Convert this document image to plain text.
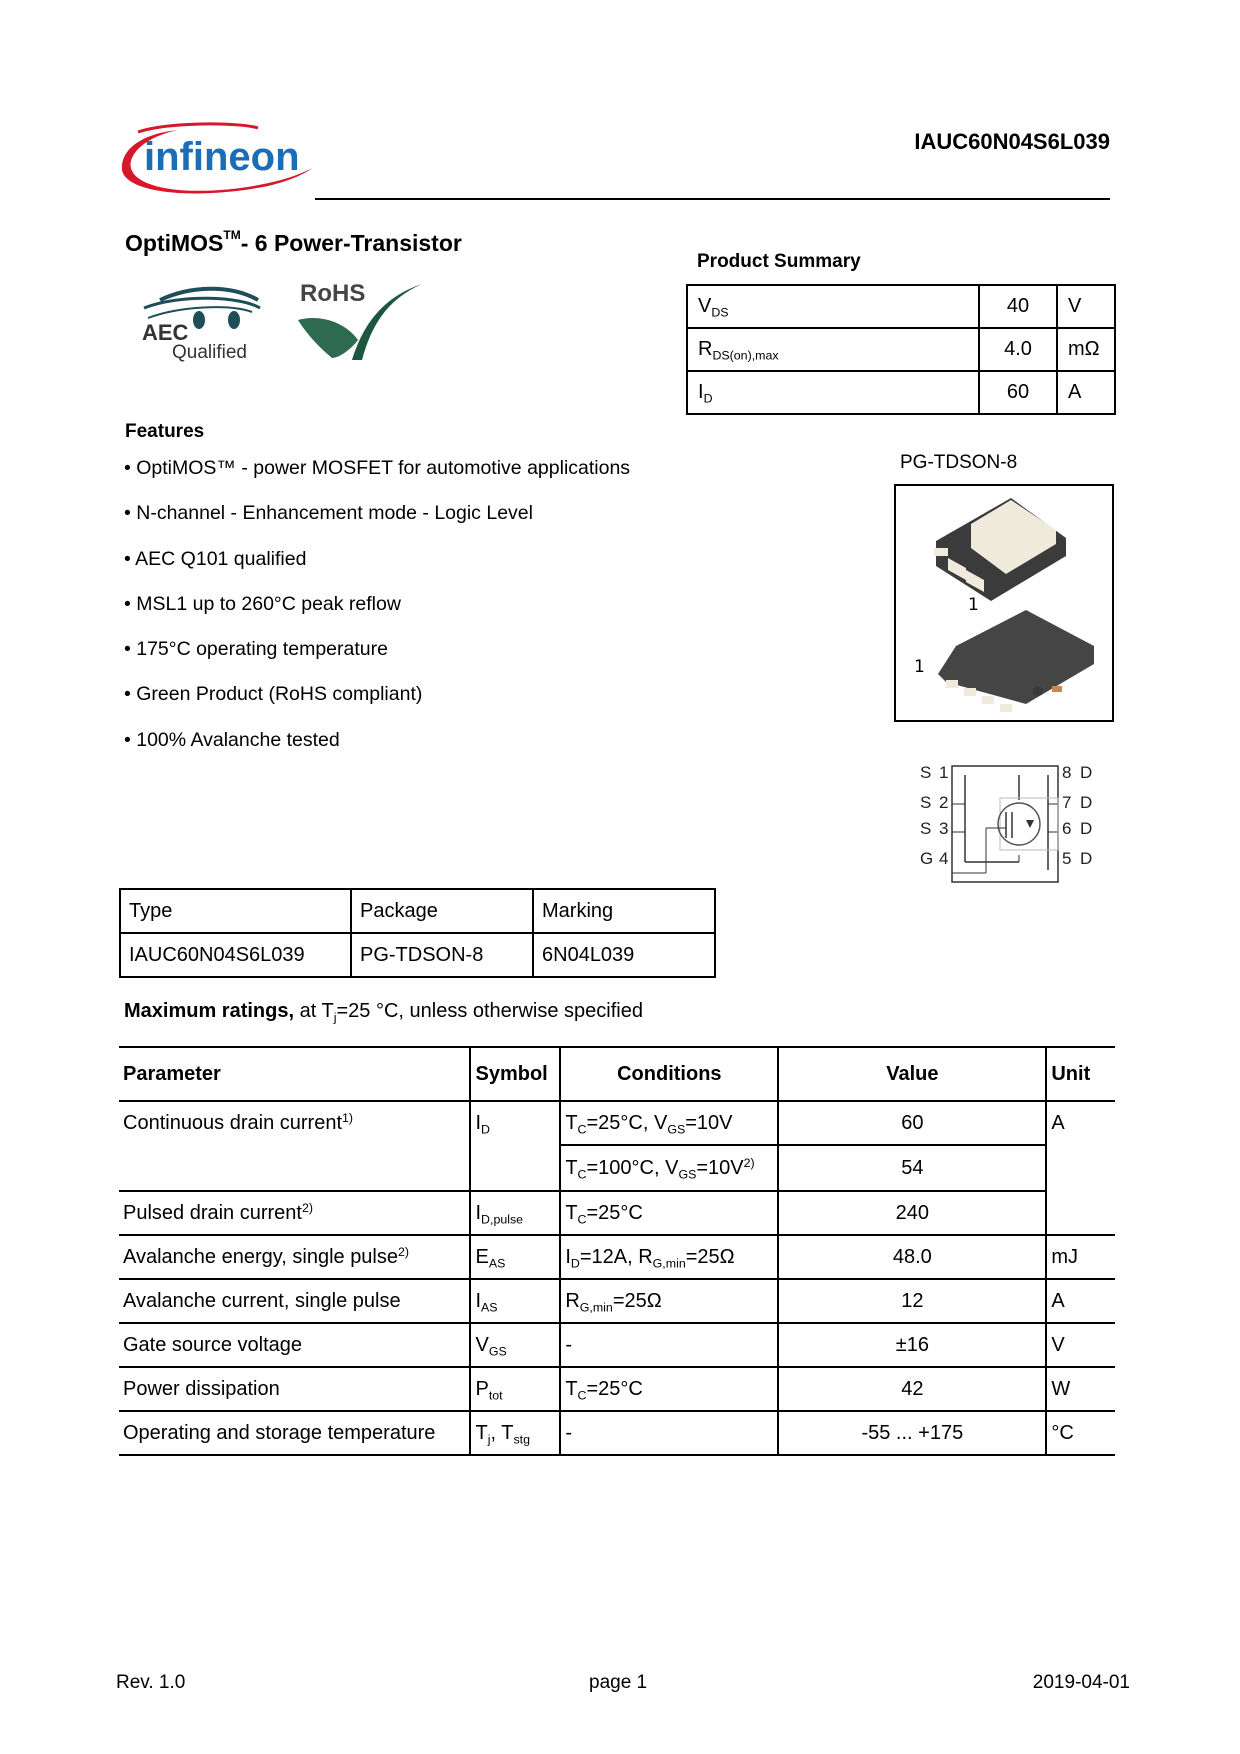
infineon	IAUC60N04S6L039
OptiMOS™- 6 Power-Transistor
AEC
Qualified
RoHS
Product Summary
$V_{DS}$	40	V
$R_{DS(on),max}$	4.0	mΩ
$I_D$	60	A
PG-TDSON-8
1
1
S
S
S
G
1
2
3
4
8
7
6
5
D
D
D
D
Features
• OptiMOS™ - power MOSFET for automotive applications
• N-channel - Enhancement mode - Logic Level
• AEC Q101 qualified
• MSL1 up to 260°C peak reflow
• 175°C operating temperature
• Green Product (RoHS compliant)
• 100% Avalanche tested
Type	Package	Marking
IAUC60N04S6L039	PG-TDSON-8	6N04L039
Maximum ratings, at $T_j=25$ °C, unless otherwise specified
Parameter	Symbol	Conditions	Value	Unit
Continuous drain current$^{1)}$	$I_D$	$T_C=25^\circ C$, $V_{GS}=10V$	60	A
		$T_C=100^\circ C$, $V_{GS}=10V^{2)}$	54	
Pulsed drain current$^{2)}$	$I_{D,pulse}$	$T_C=25^\circ C$	240	
Avalanche energy, single pulse$^{2)}$	$E_{AS}$	$I_D=12A$, $R_{G,min}=25\Omega$	48.0	mJ
Avalanche current, single pulse	$I_{AS}$	$R_{G,min}=25\Omega$	12	A
Gate source voltage	$V_{GS}$	-	±16	V
Power dissipation	$P_{tot}$	$T_C=25^\circ C$	42	W
Operating and storage temperature	$T_j$, $T_{stg}$	-	-55 ... +175	°C
Rev. 1.0	page 1	2019-04-01
